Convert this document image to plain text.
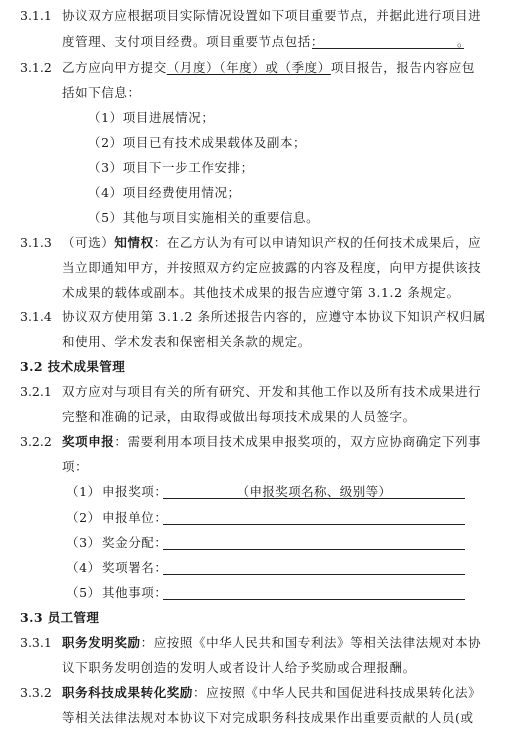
3.1.1 协议双方应根据项目实际情况设置如下项目重要节点，并据此进行项目进
度管理、支付项目经费。项目重要节点包括：	。
3.1.2 乙方应向甲方提交（月度）（年度）或（季度）项目报告，报告内容应包
括如下信息：
（1）项目进展情况；
（2）项目已有技术成果载体及副本；
（3）项目下一步工作安排；
（4）项目经费使用情况；
（5）其他与项目实施相关的重要信息。
3.1.3 （可选）知情权：在乙方认为有可以申请知识产权的任何技术成果后，应
当立即通知甲方，并按照双方约定应披露的内容及程度，向甲方提供该技
术成果的载体或副本。其他技术成果的报告应遵守第 3.1.2 条规定。
3.1.4 协议双方使用第 3.1.2 条所述报告内容的，应遵守本协议下知识产权归属
和使用、学术发表和保密相关条款的规定。
3.2 技术成果管理
3.2.1 双方应对与项目有关的所有研究、开发和其他工作以及所有技术成果进行
完整和准确的记录，由取得或做出每项技术成果的人员签字。
3.2.2 奖项申报：需要利用本项目技术成果申报奖项的，双方应协商确定下列事
项：
（1） 申报奖项：	（申报奖项名称、级别等）
（2） 申报单位：
（3） 奖金分配：
（4） 奖项署名：
（5） 其他事项：
3.3 员工管理
3.3.1 职务发明奖励：应按照《中华人民共和国专利法》等相关法律法规对本协
议下职务发明创造的发明人或者设计人给予奖励或合理报酬。
3.3.2 职务科技成果转化奖励：应按照《中华人民共和国促进科技成果转化法》
等相关法律法规对本协议下对完成职务科技成果作出重要贡献的人员(或
